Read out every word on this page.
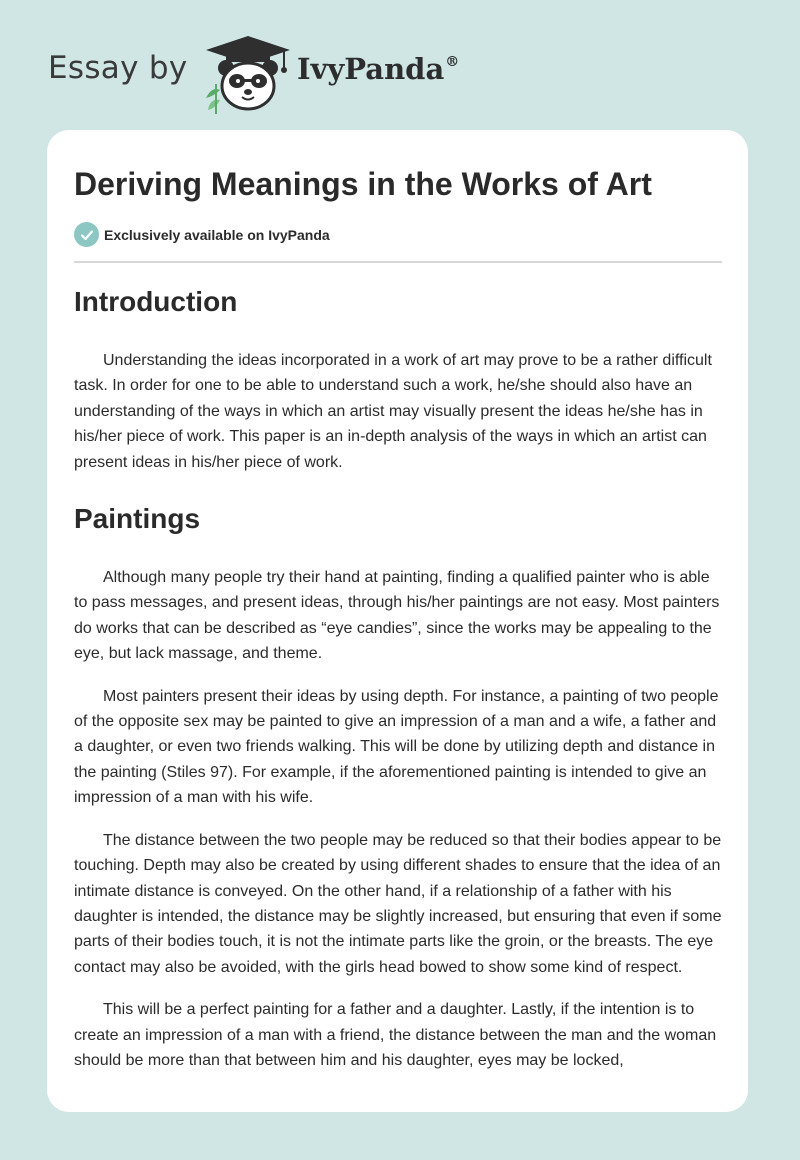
Essay by	IvyPanda®
Deriving Meanings in the Works of Art
Exclusively available on IvyPanda
Introduction

Understanding the ideas incorporated in a work of art may prove to be a rather difficult task. In order for one to be able to understand such a work, he/she should also have an understanding of the ways in which an artist may visually present the ideas he/she has in his/her piece of work. This paper is an in-depth analysis of the ways in which an artist can present ideas in his/her piece of work.

Paintings

Although many people try their hand at painting, finding a qualified painter who is able to pass messages, and present ideas, through his/her paintings are not easy. Most painters do works that can be described as “eye candies”, since the works may be appealing to the eye, but lack massage, and theme.

Most painters present their ideas by using depth. For instance, a painting of two people of the opposite sex may be painted to give an impression of a man and a wife, a father and a daughter, or even two friends walking. This will be done by utilizing depth and distance in the painting (Stiles 97). For example, if the aforementioned painting is intended to give an impression of a man with his wife.

The distance between the two people may be reduced so that their bodies appear to be touching. Depth may also be created by using different shades to ensure that the idea of an intimate distance is conveyed. On the other hand, if a relationship of a father with his daughter is intended, the distance may be slightly increased, but ensuring that even if some parts of their bodies touch, it is not the intimate parts like the groin, or the breasts. The eye contact may also be avoided, with the girls head bowed to show some kind of respect.

This will be a perfect painting for a father and a daughter. Lastly, if the intention is to create an impression of a man with a friend, the distance between the man and the woman should be more than that between him and his daughter, eyes may be locked,
